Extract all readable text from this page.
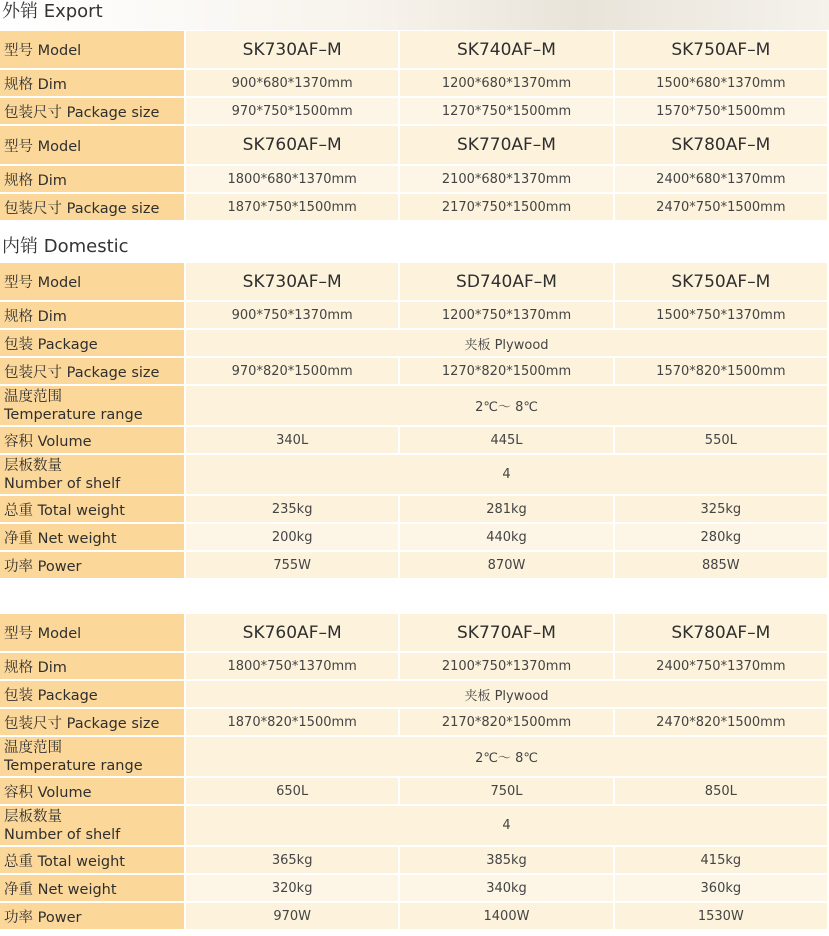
外销 Export
型号 Model	SK730AF–M	SK740AF–M	SK750AF–M
规格 Dim	900*680*1370mm	1200*680*1370mm	1500*680*1370mm
包装尺寸 Package size	970*750*1500mm	1270*750*1500mm	1570*750*1500mm
型号 Model	SK760AF–M	SK770AF–M	SK780AF–M
规格 Dim	1800*680*1370mm	2100*680*1370mm	2400*680*1370mm
包装尺寸 Package size	1870*750*1500mm	2170*750*1500mm	2470*750*1500mm
内销 Domestic
型号 Model	SK730AF–M	SD740AF–M	SK750AF–M
规格 Dim	900*750*1370mm	1200*750*1370mm	1500*750*1370mm
包装 Package	夹板 Plywood		
包装尺寸 Package size	970*820*1500mm	1270*820*1500mm	1570*820*1500mm

温度范围
Temperature range	2℃～ 8℃		
容积 Volume	340L	445L	550L

层板数量
Number of shelf	4		
总重 Total weight	235kg	281kg	325kg
净重 Net weight	200kg	440kg	280kg
功率 Power	755W	870W	885W
型号 Model	SK760AF–M	SK770AF–M	SK780AF–M
规格 Dim	1800*750*1370mm	2100*750*1370mm	2400*750*1370mm
包装 Package	夹板 Plywood		
包装尺寸 Package size	1870*820*1500mm	2170*820*1500mm	2470*820*1500mm

温度范围
Temperature range	2℃～ 8℃		
容积 Volume	650L	750L	850L

层板数量
Number of shelf	4		
总重 Total weight	365kg	385kg	415kg
净重 Net weight	320kg	340kg	360kg
功率 Power	970W	1400W	1530W
